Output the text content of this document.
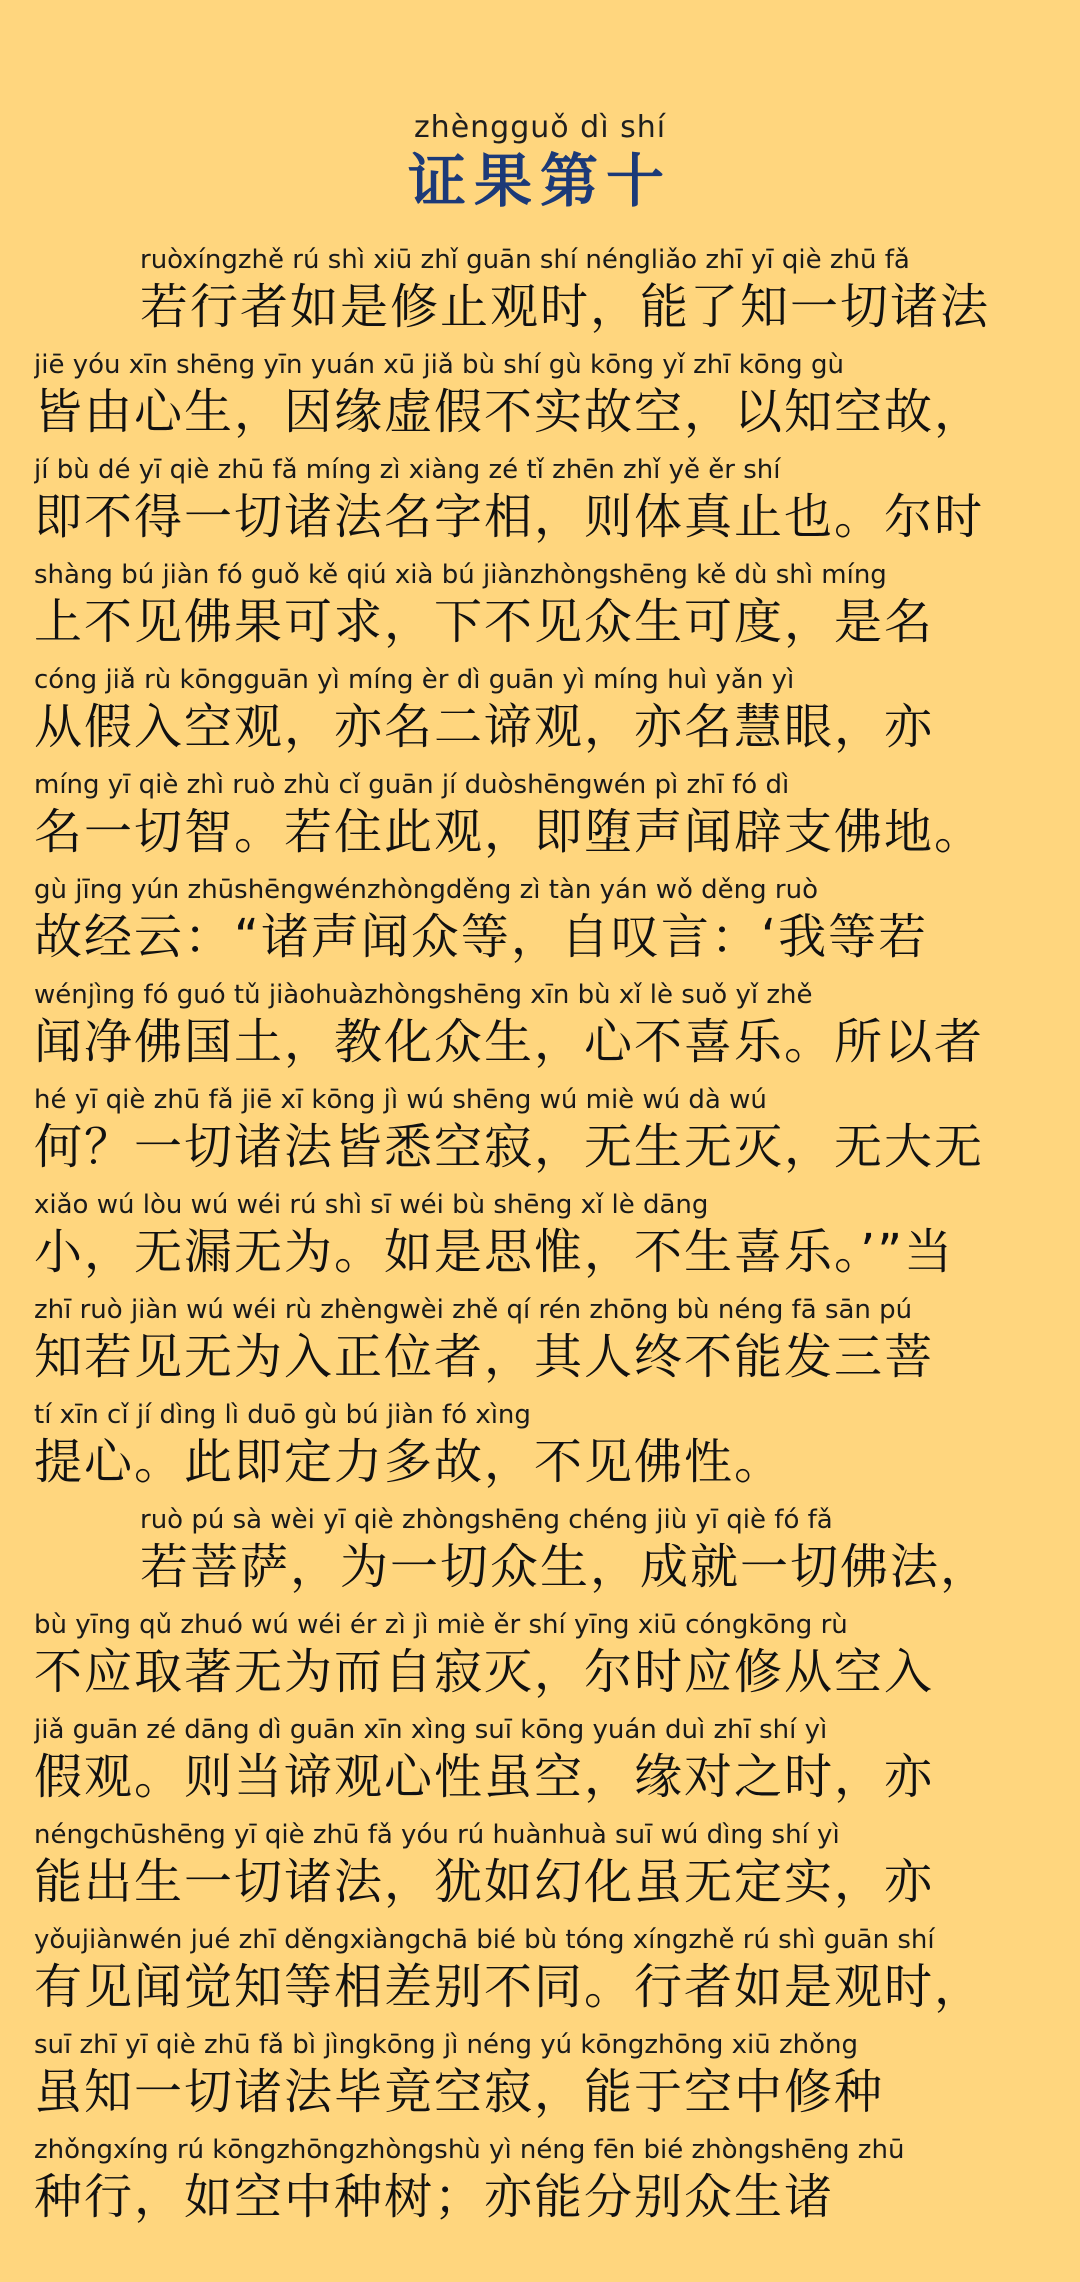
zhèngguǒ dì shí
证果第十
ruòxíngzhě rú shì xiū zhǐ guān shí néngliǎo zhī yī qiè zhū fǎ
若行者如是修止观时，能了知一切诸法
jiē yóu xīn shēng yīn yuán xū jiǎ bù shí gù kōng yǐ zhī kōng gù
皆由心生，因缘虚假不实故空，以知空故，
jí bù dé yī qiè zhū fǎ míng zì xiàng zé tǐ zhēn zhǐ yě ěr shí
即不得一切诸法名字相，则体真止也。尔时
shàng bú jiàn fó guǒ kě qiú xià bú jiànzhòngshēng kě dù shì míng
上不见佛果可求，下不见众生可度，是名
cóng jiǎ rù kōngguān yì míng èr dì guān yì míng huì yǎn yì
从假入空观，亦名二谛观，亦名慧眼，亦
míng yī qiè zhì ruò zhù cǐ guān jí duòshēngwén pì zhī fó dì
名一切智。若住此观，即堕声闻辟支佛地。
gù jīng yún zhūshēngwénzhòngděng zì tàn yán wǒ děng ruò
故经云：“诸声闻众等，自叹言：‘我等若
wénjìng fó guó tǔ jiàohuàzhòngshēng xīn bù xǐ lè suǒ yǐ zhě
闻净佛国土，教化众生，心不喜乐。所以者
hé yī qiè zhū fǎ jiē xī kōng jì wú shēng wú miè wú dà wú
何？一切诸法皆悉空寂，无生无灭，无大无
xiǎo wú lòu wú wéi rú shì sī wéi bù shēng xǐ lè dāng
小，无漏无为。如是思惟，不生喜乐。’”当
zhī ruò jiàn wú wéi rù zhèngwèi zhě qí rén zhōng bù néng fā sān pú
知若见无为入正位者，其人终不能发三菩
tí xīn cǐ jí dìng lì duō gù bú jiàn fó xìng
提心。此即定力多故，不见佛性。
ruò pú sà wèi yī qiè zhòngshēng chéng jiù yī qiè fó fǎ
若菩萨，为一切众生，成就一切佛法，
bù yīng qǔ zhuó wú wéi ér zì jì miè ěr shí yīng xiū cóngkōng rù
不应取著无为而自寂灭，尔时应修从空入
jiǎ guān zé dāng dì guān xīn xìng suī kōng yuán duì zhī shí yì
假观。则当谛观心性虽空，缘对之时，亦
néngchūshēng yī qiè zhū fǎ yóu rú huànhuà suī wú dìng shí yì
能出生一切诸法，犹如幻化虽无定实，亦
yǒujiànwén jué zhī děngxiàngchā bié bù tóng xíngzhě rú shì guān shí
有见闻觉知等相差别不同。行者如是观时，
suī zhī yī qiè zhū fǎ bì jìngkōng jì néng yú kōngzhōng xiū zhǒng
虽知一切诸法毕竟空寂，能于空中修种
zhǒngxíng rú kōngzhōngzhòngshù yì néng fēn bié zhòngshēng zhū
种行，如空中种树；亦能分别众生诸
